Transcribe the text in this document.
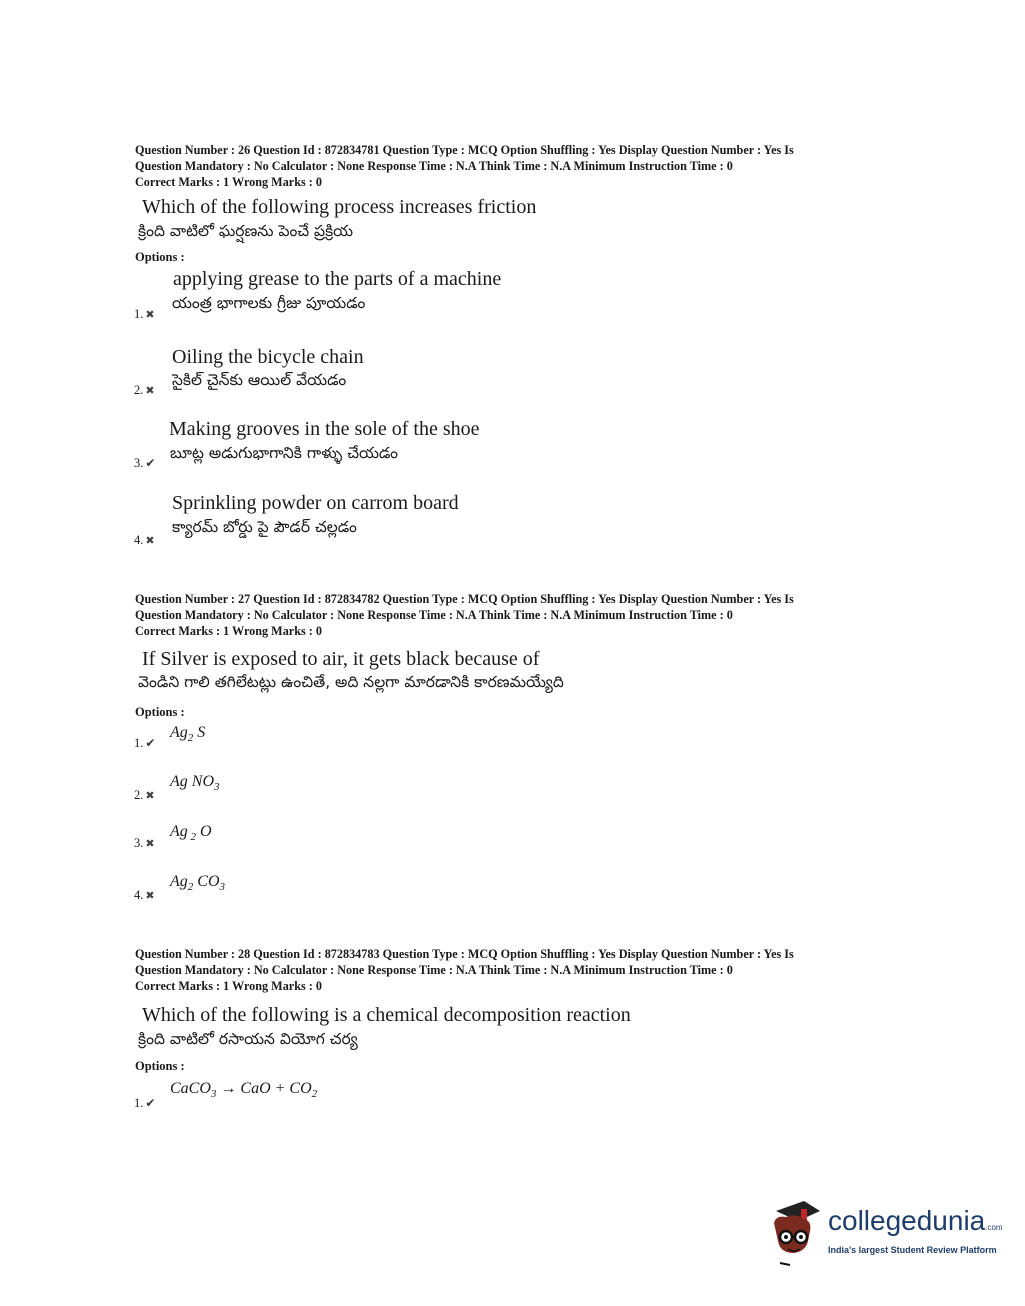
Question Number : 26 Question Id : 872834781 Question Type : MCQ Option Shuffling : Yes Display Question Number : Yes Is
Question Mandatory : No Calculator : None Response Time : N.A Think Time : N.A Minimum Instruction Time : 0
Correct Marks : 1 Wrong Marks : 0
Which of the following process increases friction
క్రింది వాటిలో ఘర్షణను పెంచే ప్రక్రియ
Options :
applying grease to the parts of a machine
యంత్ర భాగాలకు గ్రీజు పూయడం
1. ✖
Oiling the bicycle chain
సైకిల్ చైన్‌కు ఆయిల్ వేయడం
2. ✖
Making grooves in the sole of the shoe
బూట్ల అడుగుభాగానికి గాళ్ళు చేయడం
3. ✔
Sprinkling powder on carrom board
క్యారమ్ బోర్డు పై పౌడర్ చల్లడం
4. ✖
Question Number : 27 Question Id : 872834782 Question Type : MCQ Option Shuffling : Yes Display Question Number : Yes Is
Question Mandatory : No Calculator : None Response Time : N.A Think Time : N.A Minimum Instruction Time : 0
Correct Marks : 1 Wrong Marks : 0
If Silver is exposed to air, it gets black because of
వెండిని గాలి తగిలేటట్లు ఉంచితే, అది నల్లగా మారడానికి కారణమయ్యేది
Options :
$Ag_2$ S
1. ✔
Ag $NO_3$
2. ✖
Ag $_2$ O
3. ✖
$Ag_2$ $CO_3$
4. ✖
Question Number : 28 Question Id : 872834783 Question Type : MCQ Option Shuffling : Yes Display Question Number : Yes Is
Question Mandatory : No Calculator : None Response Time : N.A Think Time : N.A Minimum Instruction Time : 0
Correct Marks : 1 Wrong Marks : 0
Which of the following is a chemical decomposition reaction
క్రింది వాటిలో రసాయన వియోగ చర్య
Options :
CaCO$_3$ → CaO + $CO_2$
1. ✔
collegedunia.com
India's largest Student Review Platform
